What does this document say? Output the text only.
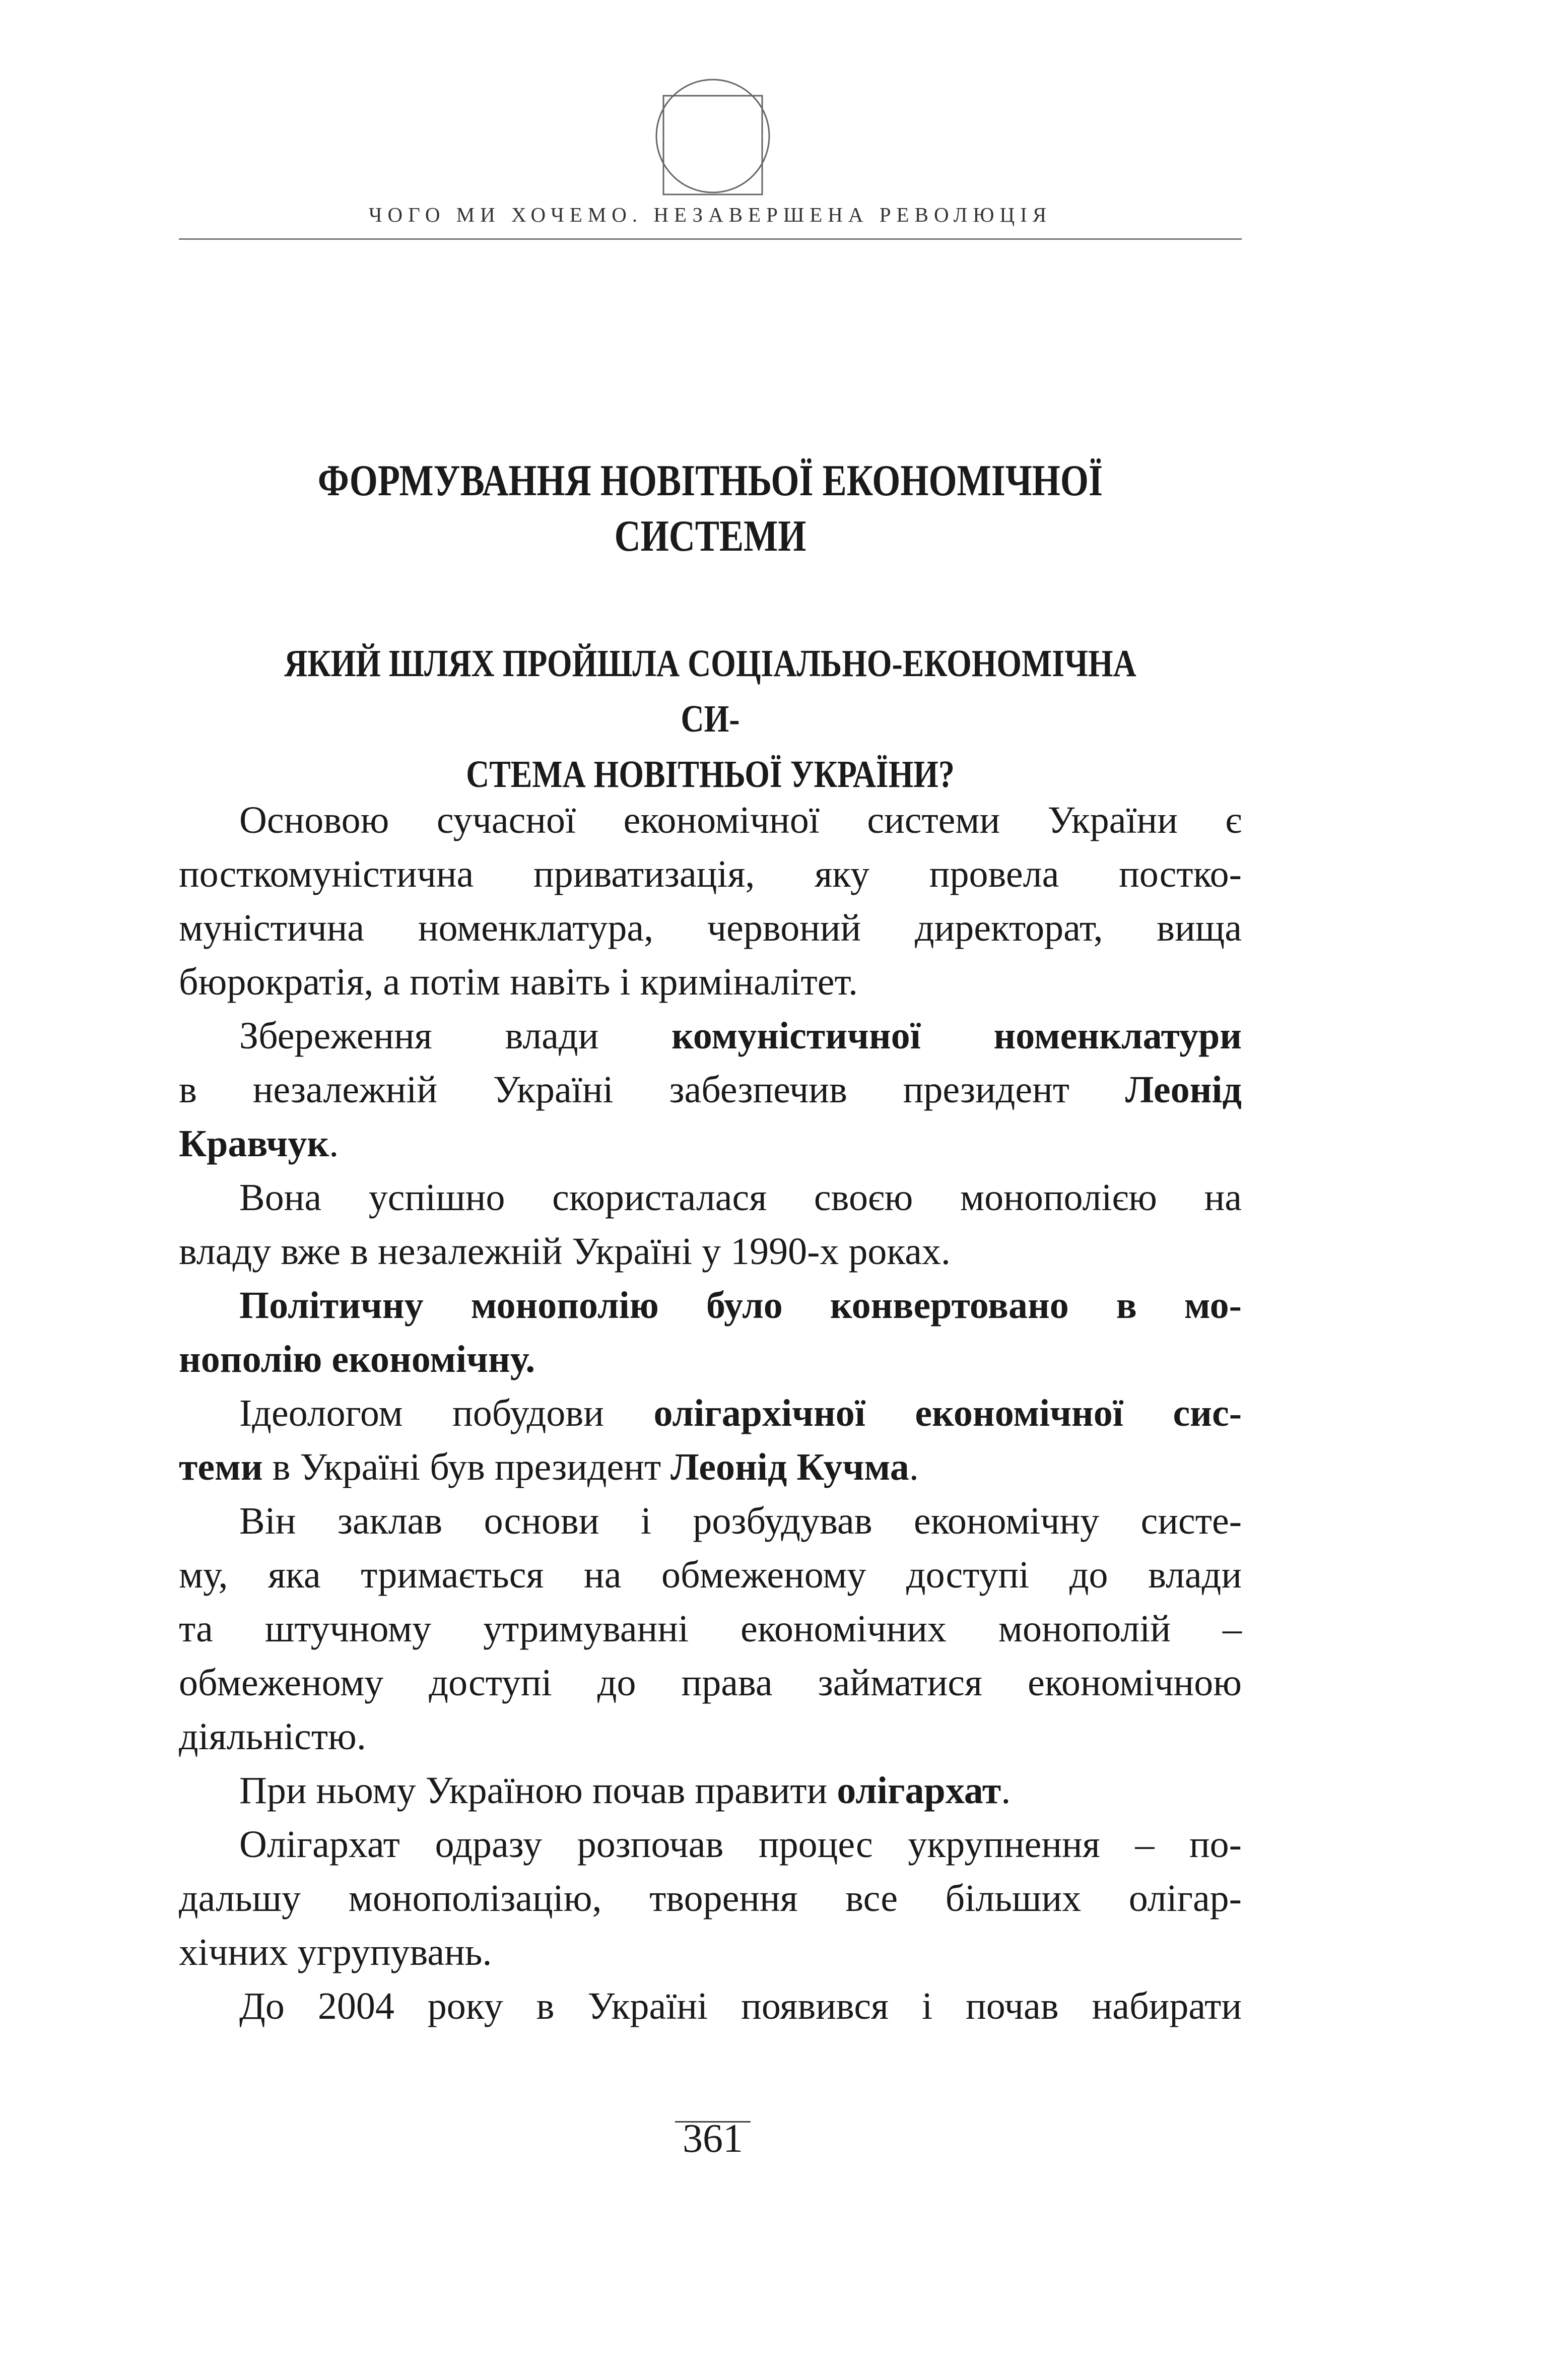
ЧОГО МИ ХОЧЕМО. НЕЗАВЕРШЕНА РЕВОЛЮЦІЯ
ФОРМУВАННЯ НОВІТНЬОЇ ЕКОНОМІЧНОЇ
СИСТЕМИ
ЯКИЙ ШЛЯХ ПРОЙШЛА СОЦІАЛЬНО-ЕКОНОМІЧНА СИ-
СТЕМА НОВІТНЬОЇ УКРАЇНИ?
Основою сучасної економічної системи України є
посткомуністична приватизація, яку провела постко-
муністична номенклатура, червоний директорат, вища
бюрократія, а потім навіть і криміналітет.
Збереження влади комуністичної номенклатури
в незалежній Україні забезпечив президент Леонід
Кравчук.
Вона успішно скористалася своєю монополією на
владу вже в незалежній Україні у 1990-х роках.
Політичну монополію було конвертовано в мо-
нополію економічну.
Ідеологом побудови олігархічної економічної сис-
теми в Україні був президент Леонід Кучма.
Він заклав основи і розбудував економічну систе-
му, яка тримається на обмеженому доступі до влади
та штучному утримуванні економічних монополій –
обмеженому доступі до права займатися економічною
діяльністю.
При ньому Україною почав правити олігархат.
Олігархат одразу розпочав процес укрупнення – по-
дальшу монополізацію, творення все більших олігар-
хічних угрупувань.
До 2004 року в Україні появився і почав набирати
361
